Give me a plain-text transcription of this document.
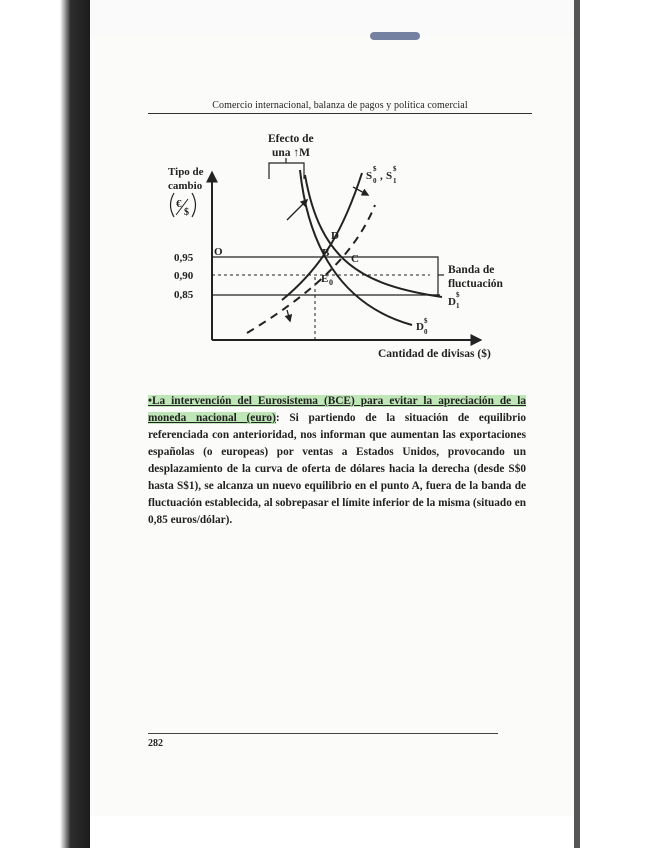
Comercio internacional, balanza de pagos y política comercial
0,95
0,90
0,85
Tipo de
cambio
€
$
Cantidad de divisas ($)
Efecto de
una ↑M
O	B C
D
E 0
S 0
$
S 1
$
,
D 1
$
D 0
$
Banda de
fluctuación
•La intervención del Eurosistema (BCE) para evitar la apreciación de la moneda nacional (euro): Si partiendo de la situación de equilibrio referenciada con anterioridad, nos informan que aumentan las exportaciones españolas (o europeas) por ventas a Estados Unidos, provocando un desplazamiento de la curva de oferta de dólares hacia la derecha (desde S$0 hasta S$1), se alcanza un nuevo equilibrio en el punto A, fuera de la banda de fluctuación establecida, al sobrepasar el límite inferior de la misma (situado en 0,85 euros/dólar).
282
